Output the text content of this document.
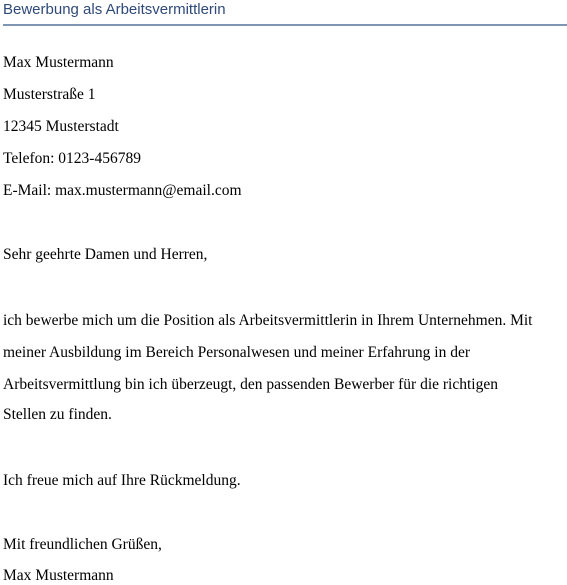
Bewerbung als Arbeitsvermittlerin
Max Mustermann
Musterstraße 1
12345 Musterstadt
Telefon: 0123-456789
E-Mail: max.mustermann@email.com
Sehr geehrte Damen und Herren,
ich bewerbe mich um die Position als Arbeitsvermittlerin in Ihrem Unternehmen. Mit
meiner Ausbildung im Bereich Personalwesen und meiner Erfahrung in der
Arbeitsvermittlung bin ich überzeugt, den passenden Bewerber für die richtigen
Stellen zu finden.
Ich freue mich auf Ihre Rückmeldung.
Mit freundlichen Grüßen,
Max Mustermann
